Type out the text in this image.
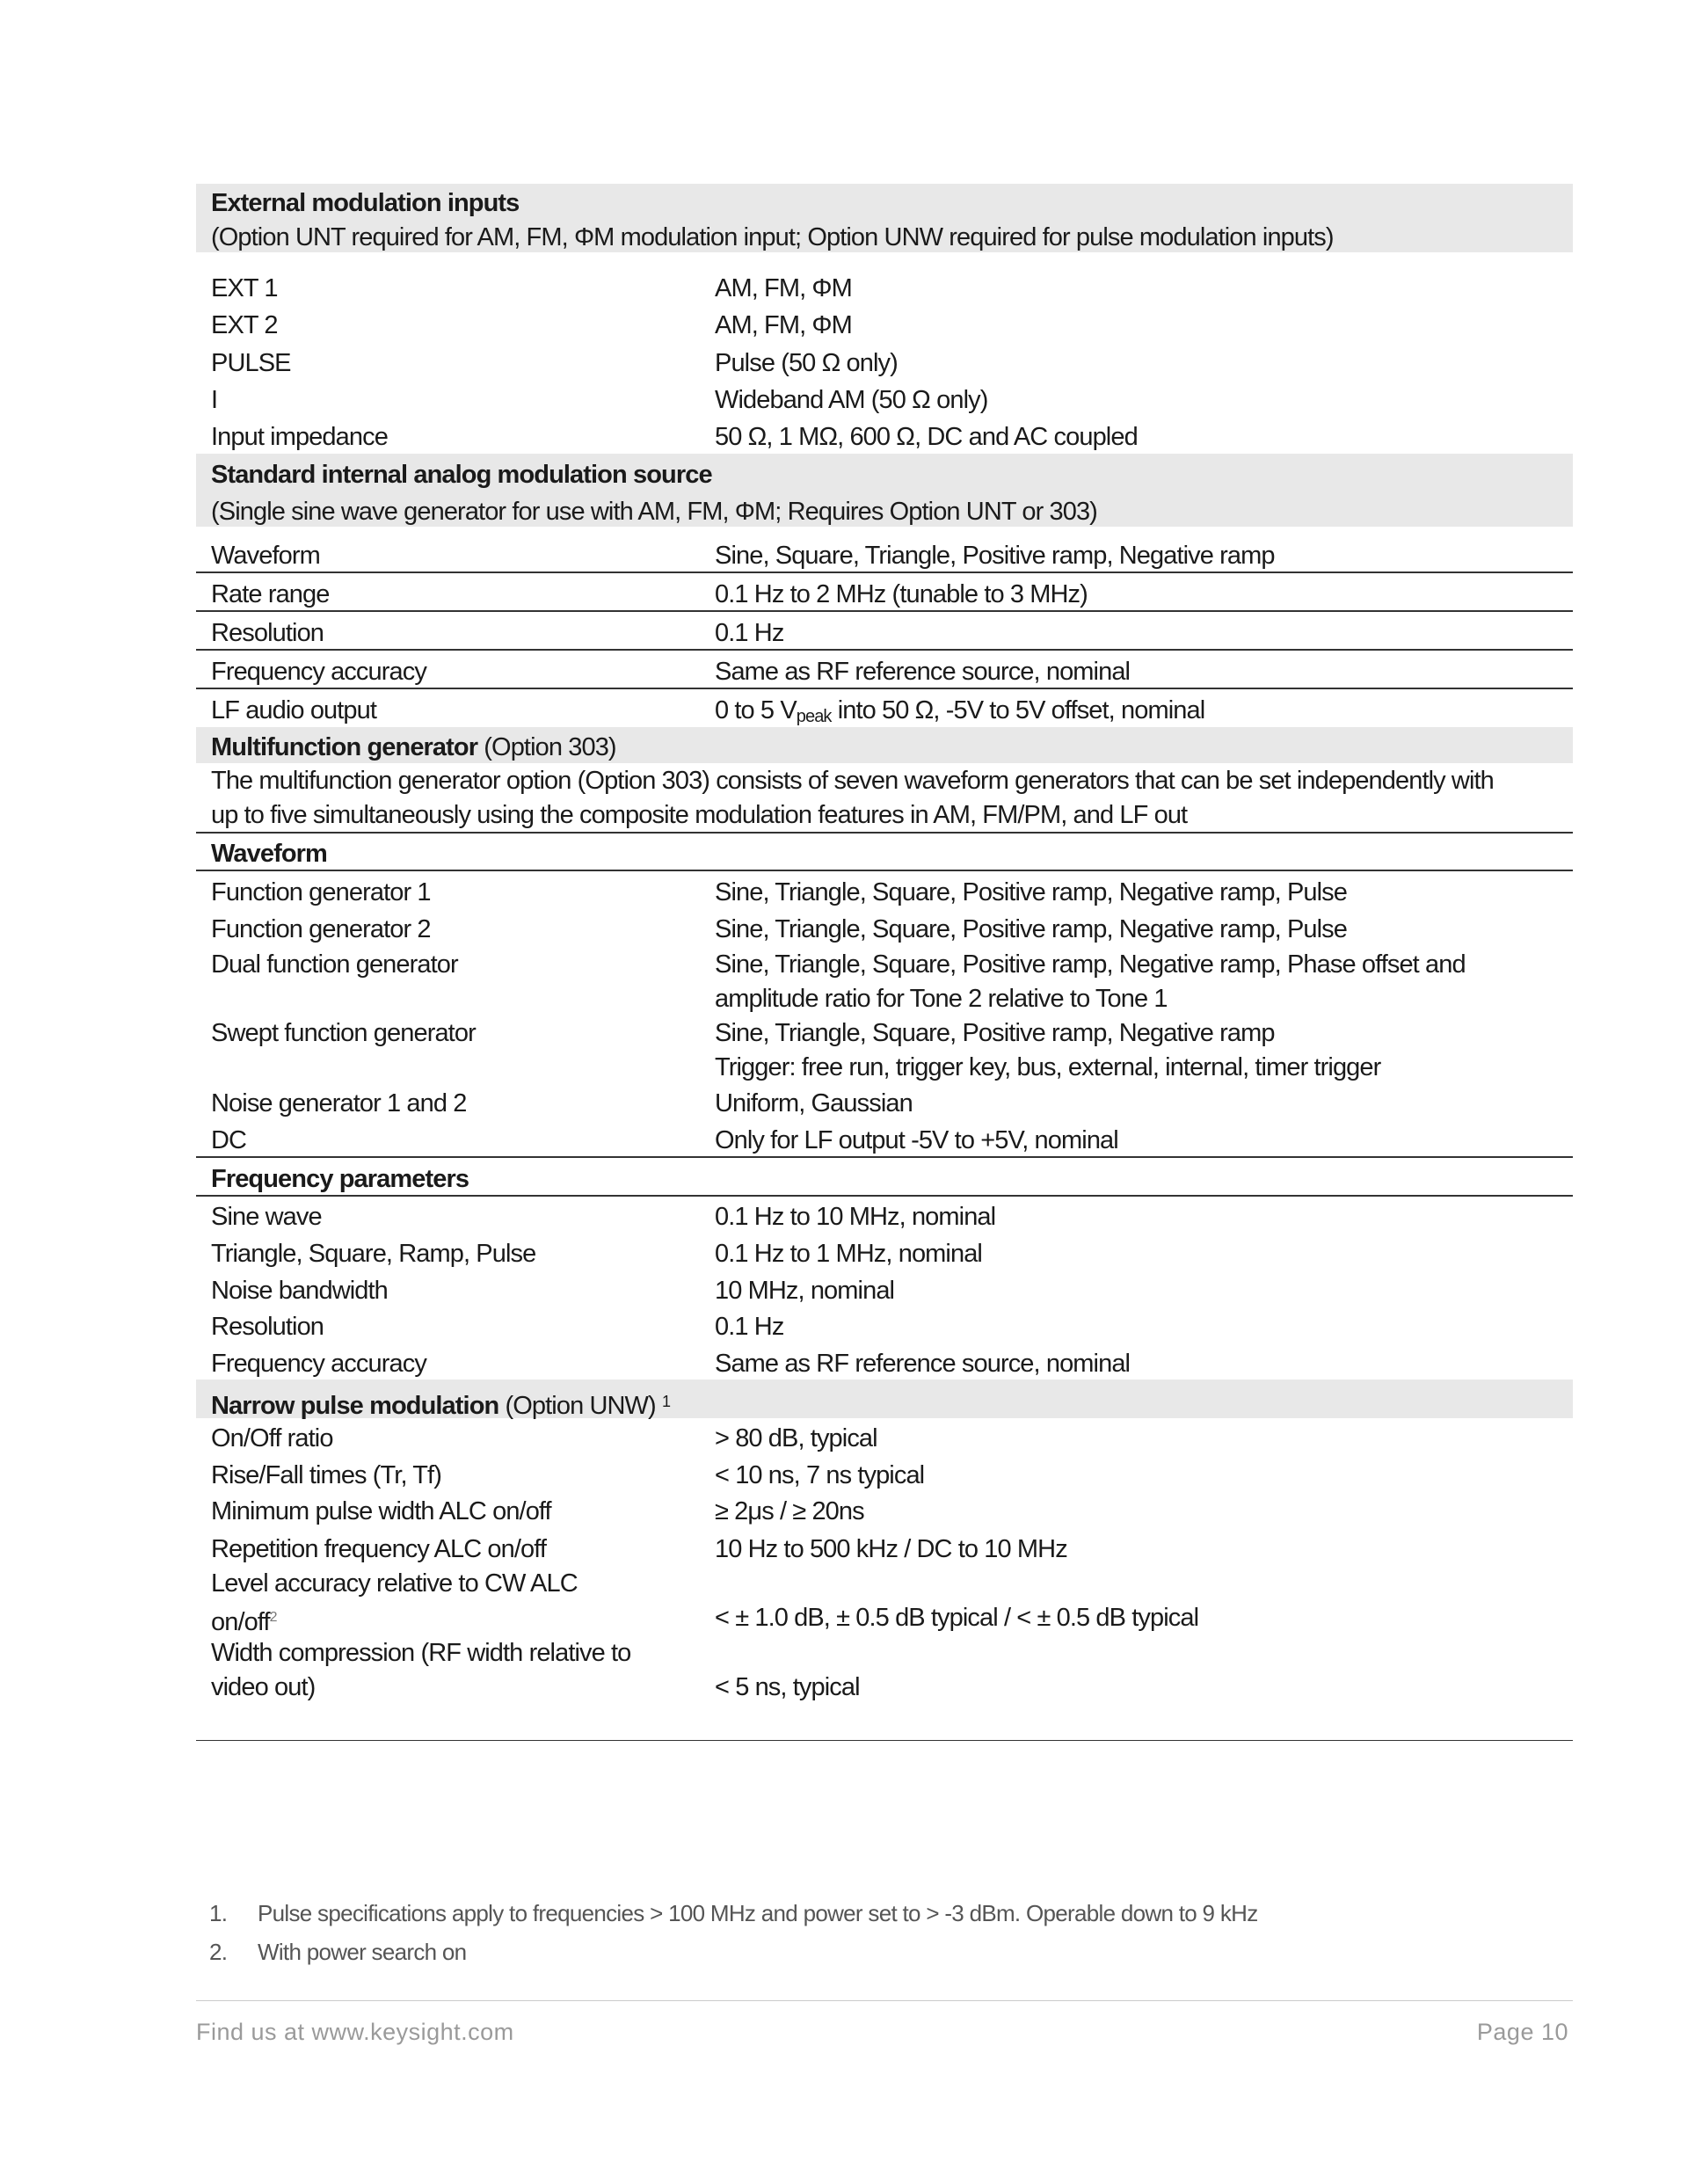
External modulation inputs
(Option UNT required for AM, FM, ΦM modulation input; Option UNW required for pulse modulation inputs)
EXT 1	AM, FM, ΦM
EXT 2	AM, FM, ΦM
PULSE	Pulse (50 Ω only)
I	Wideband AM (50 Ω only)
Input impedance	50 Ω, 1 MΩ, 600 Ω, DC and AC coupled
Standard internal analog modulation source
(Single sine wave generator for use with AM, FM, ΦM; Requires Option UNT or 303)
Waveform	Sine, Square, Triangle, Positive ramp, Negative ramp
Rate range	0.1 Hz to 2 MHz (tunable to 3 MHz)
Resolution	0.1 Hz
Frequency accuracy	Same as RF reference source, nominal
LF audio output	0 to 5 $V_{peak}$ into 50 Ω, -5V to 5V offset, nominal
Multifunction generator (Option 303)
The multifunction generator option (Option 303) consists of seven waveform generators that can be set independently with
up to five simultaneously using the composite modulation features in AM, FM/PM, and LF out
Waveform
Function generator 1	Sine, Triangle, Square, Positive ramp, Negative ramp, Pulse
Function generator 2	Sine, Triangle, Square, Positive ramp, Negative ramp, Pulse
Dual function generator	Sine, Triangle, Square, Positive ramp, Negative ramp, Phase offset and
amplitude ratio for Tone 2 relative to Tone 1
Swept function generator	Sine, Triangle, Square, Positive ramp, Negative ramp
Trigger: free run, trigger key, bus, external, internal, timer trigger
Noise generator 1 and 2	Uniform, Gaussian
DC	Only for LF output -5V to +5V, nominal
Frequency parameters
Sine wave	0.1 Hz to 10 MHz, nominal
Triangle, Square, Ramp, Pulse	0.1 Hz to 1 MHz, nominal
Noise bandwidth	10 MHz, nominal
Resolution	0.1 Hz
Frequency accuracy	Same as RF reference source, nominal
Narrow pulse modulation (Option UNW) $^1$
On/Off ratio	> 80 dB, typical
Rise/Fall times (Tr, Tf)	< 10 ns, 7 ns typical
Minimum pulse width ALC on/off	≥ 2μs / ≥ 20ns
Repetition frequency ALC on/off	10 Hz to 500 kHz / DC to 10 MHz
Level accuracy relative to CW ALC
on/off$^2$	< ± 1.0 dB, ± 0.5 dB typical / < ± 0.5 dB typical
Width compression (RF width relative to
video out)	< 5 ns, typical
1. Pulse specifications apply to frequencies > 100 MHz and power set to > -3 dBm. Operable down to 9 kHz
2. With power search on
Find us at www.keysight.com	Page 10
